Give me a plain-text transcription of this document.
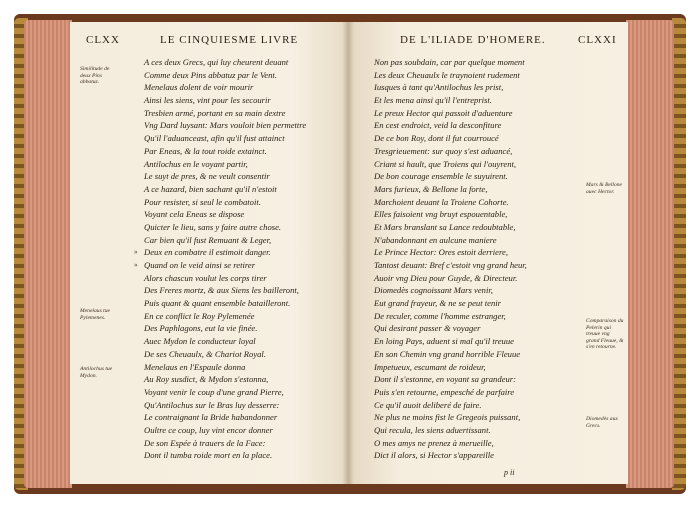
CLXX	LE CINQUIESME LIVRE
Similitude de deux Pins abbatuz.
Menelaus tue Pylemenes.
Antilochus tue Mydon.
»
»
A ces deux Grecs, qui luy cheurent deuant
Comme deux Pins abbatuz par le Vent.
Menelaus dolent de voir mourir
Ainsi les siens, vint pour les secourir
Tresbien armé, portant en sa main dextre
Vng Dard luysant: Mars vouloit bien permettre
Qu'il l'aduanceast, afin qu'il fust attainct
Par Eneas, & la tout roide extainct.
Antilochus en le voyant partir,
Le suyt de pres, & ne veult consentir
A ce hazard, bien sachant qu'il n'estoit
Pour resister, si seul le combatoit.
Voyant cela Eneas se dispose
Quicter le lieu, sans y faire autre chose.
Car bien qu'il fust Remuant & Leger,
Deux en combatre il estimoit danger.
Quand on le veid ainsi se retirer
Alors chascun voulut les corps tirer
Des Freres mortz, & aux Siens les bailleront,
Puis quant & quant ensemble batailleront.
En ce conflict le Roy Pylemenée
Des Paphlagons, eut la vie finée.
Auec Mydon le conducteur loyal
De ses Cheuaulx, & Chariot Royal.
Menelaus en l'Espaule donna
Au Roy susdict, & Mydon s'estonna,
Voyant venir le coup d'une grand Pierre,
Qu'Antilochus sur le Bras luy desserre:
Le contraignant la Bride habandonner
Oultre ce coup, luy vint encor donner
De son Espée à trauers de la Face:
Dont il tumba roide mort en la place.
DE L'ILIADE D'HOMERE.	CLXXI
Non pas soubdain, car par quelque moment
Les deux Cheuaulx le traynoient rudement
Iusques à tant qu'Antilochus les prist,
Et les mena ainsi qu'il l'entreprist.
Le preux Hector qui passoit d'aduenture
En cest endroict, veid la desconfiture
De ce bon Roy, dont il fut courroucé
Tresgrieuement: sur quoy s'est aduancé,
Criant si hault, que Troiens qui l'ouyrent,
De bon courage ensemble le suyuirent.
Mars furieux, & Bellone la forte,
Marchoient deuant la Troiene Cohorte.
Elles faisoient vng bruyt espouentable,
Et Mars branslant sa Lance redoubtable,
N'abandonnant en aulcune maniere
Le Prince Hector: Ores estoit derriere,
Tantost deuant: Bref c'estoit vng grand heur,
Auoir vng Dieu pour Guyde, & Directeur.
Diomedès cognoissant Mars venir,
Eut grand frayeur, & ne se peut tenir
De reculer, comme l'homme estranger,
Qui desirant passer & voyager
En loing Pays, aduent si mal qu'il treuue
En son Chemin vng grand horrible Fleuue
Impetueux, escumant de roideur,
Dont il s'estonne, en voyant sa grandeur:
Puis s'en retourne, empesché de parfaire
Ce qu'il auoit deliberé de faire.
Ne plus ne moins fist le Gregeois puissant,
Qui recula, les siens aduertissant.
O mes amys ne prenez à merueille,
Dict il alors, si Hector s'appareille
Mars & Bellone auec Hector.
Comparaison du Pelerin qui treuue vng grand Fleuue, & s'en retourne.
Diomedès aux Grecs.
p ii
